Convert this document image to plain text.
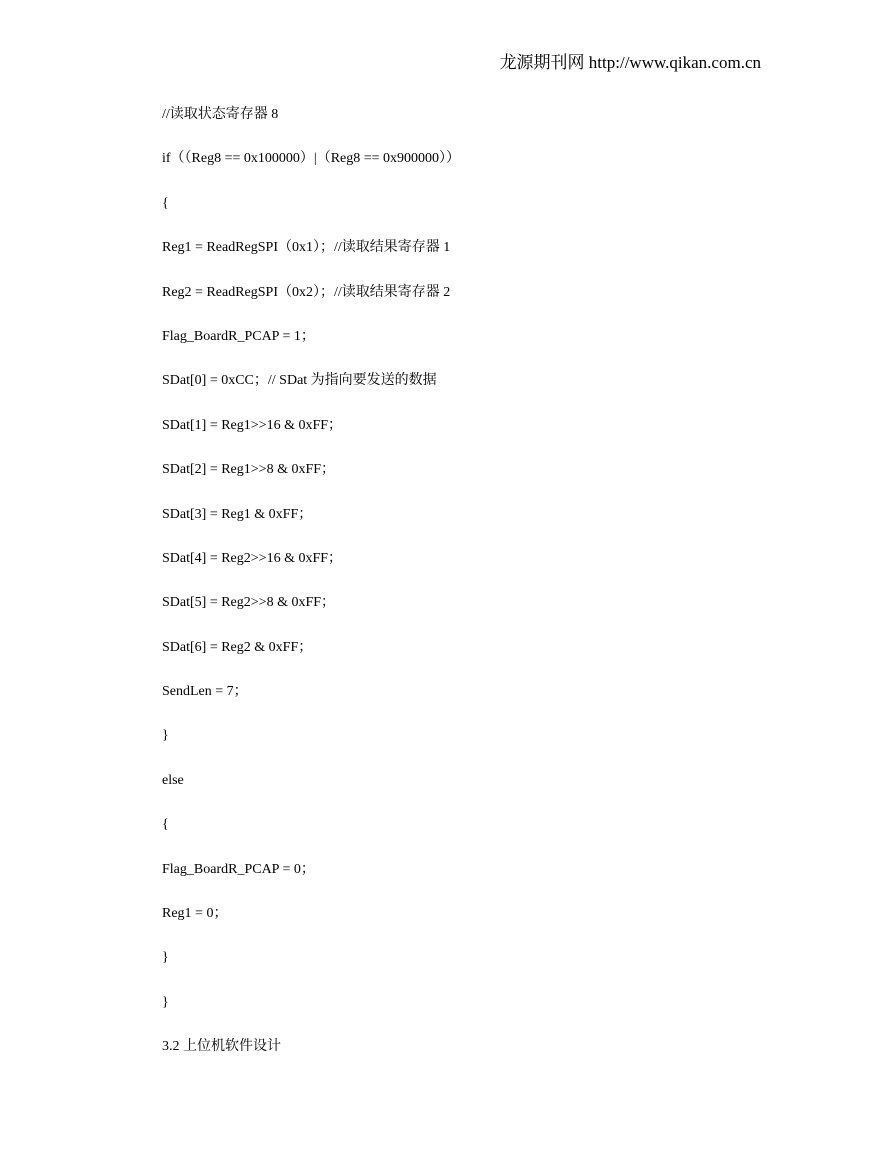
龙源期刊网 http://www.qikan.com.cn
//读取状态寄存器 8
if（（Reg8 == 0x100000）|（Reg8 == 0x900000））
{
Reg1 = ReadRegSPI（0x1）；//读取结果寄存器 1
Reg2 = ReadRegSPI（0x2）；//读取结果寄存器 2
Flag_BoardR_PCAP = 1；
SDat[0] = 0xCC；// SDat 为指向要发送的数据
SDat[1] = Reg1>>16 & 0xFF；
SDat[2] = Reg1>>8 & 0xFF；
SDat[3] = Reg1 & 0xFF；
SDat[4] = Reg2>>16 & 0xFF；
SDat[5] = Reg2>>8 & 0xFF；
SDat[6] = Reg2 & 0xFF；
SendLen = 7；
}
else
{
Flag_BoardR_PCAP = 0；
Reg1 = 0；
}
}
3.2 上位机软件设计
